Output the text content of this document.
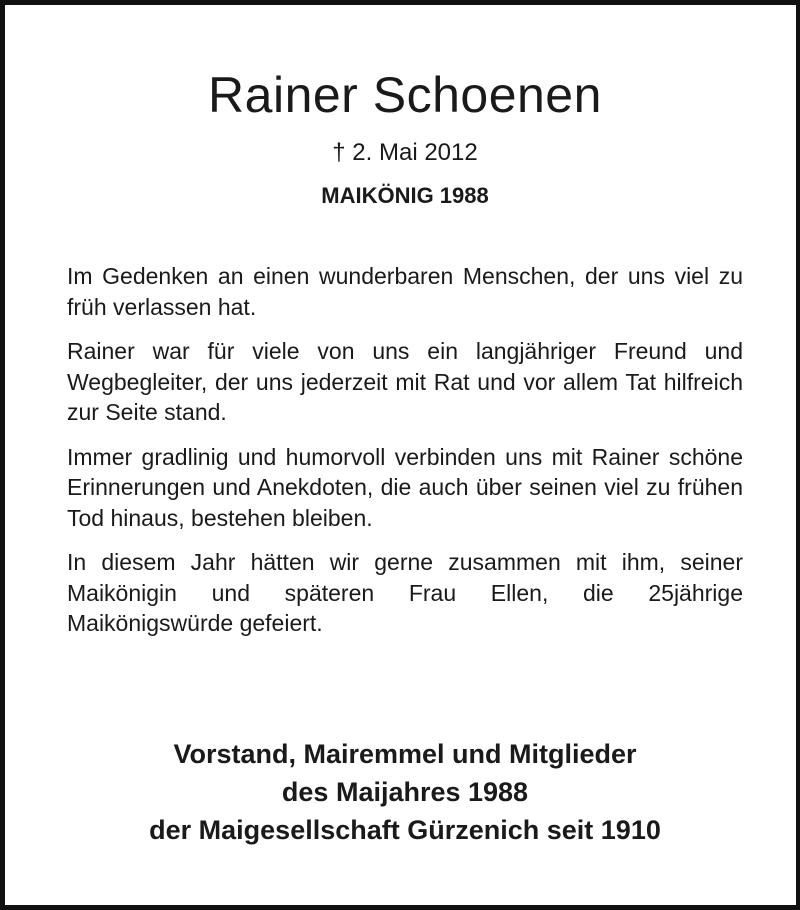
Rainer Schoenen
† 2. Mai 2012
MAIKÖNIG 1988

Im Gedenken an einen wunderbaren Menschen, der uns viel zu früh verlassen hat.

Rainer war für viele von uns ein langjähriger Freund und Wegbegleiter, der uns jederzeit mit Rat und vor allem Tat hilfreich zur Seite stand.

Immer gradlinig und humorvoll verbinden uns mit Rainer schöne Erinnerungen und Anekdoten, die auch über seinen viel zu frühen Tod hinaus, bestehen bleiben.

In diesem Jahr hätten wir gerne zusammen mit ihm, seiner Maikönigin und späteren Frau Ellen, die 25jährige Maikönigswürde gefeiert.

Vorstand, Mairemmel und Mitglieder
des Maijahres 1988
der Maigesellschaft Gürzenich seit 1910
